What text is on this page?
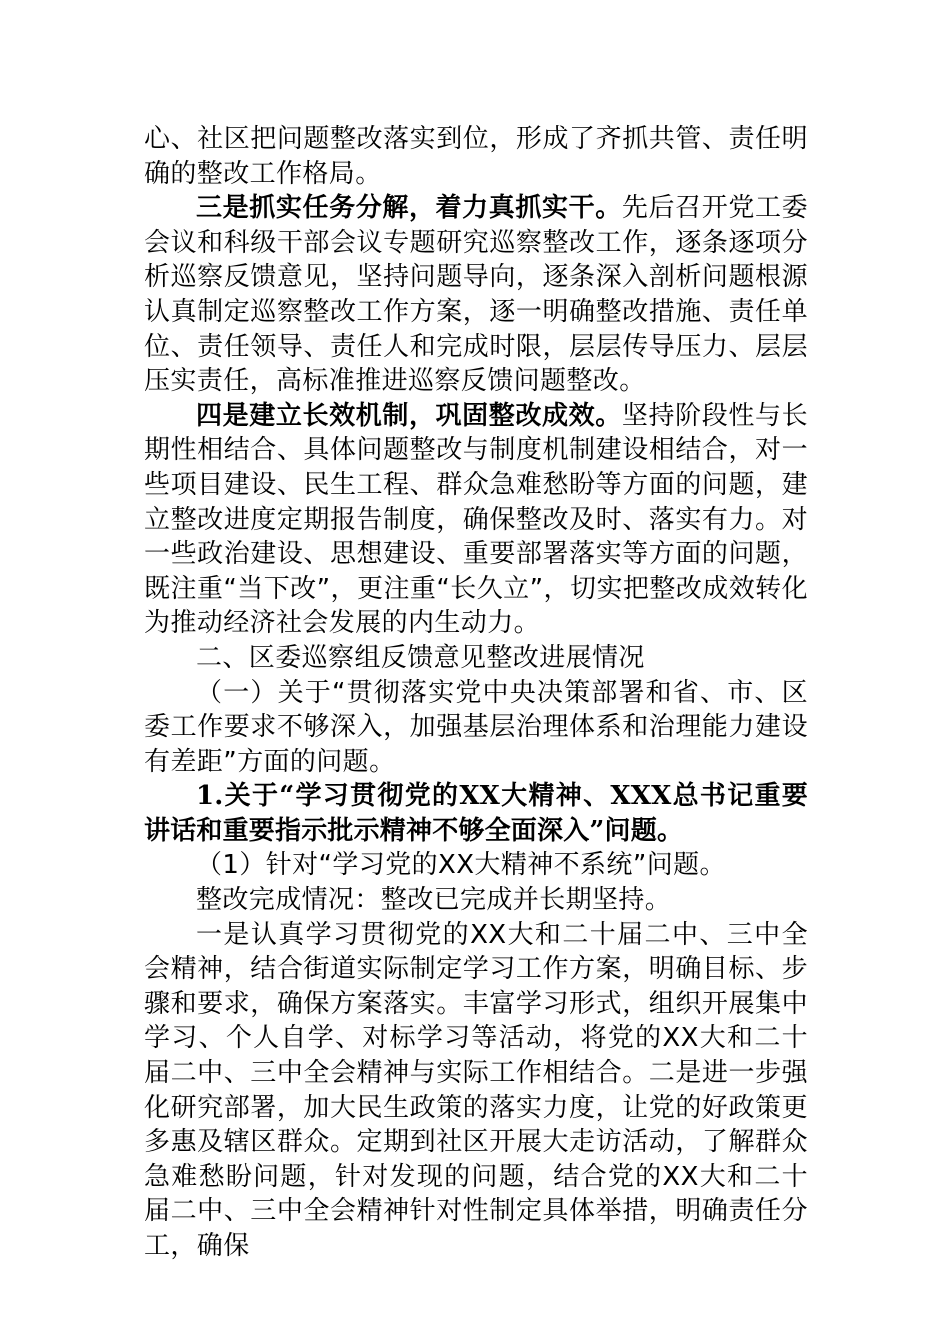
心、社区把问题整改落实到位，形成了齐抓共管、责任明确的整改工作格局。

三是抓实任务分解，着力真抓实干。先后召开党工委会议和科级干部会议专题研究巡察整改工作，逐条逐项分析巡察反馈意见，坚持问题导向，逐条深入剖析问题根源认真制定巡察整改工作方案，逐一明确整改措施、责任单位、责任领导、责任人和完成时限，层层传导压力、层层压实责任，高标准推进巡察反馈问题整改。

四是建立长效机制，巩固整改成效。坚持阶段性与长期性相结合、具体问题整改与制度机制建设相结合，对一些项目建设、民生工程、群众急难愁盼等方面的问题，建立整改进度定期报告制度，确保整改及时、落实有力。对一些政治建设、思想建设、重要部署落实等方面的问题，既注重“当下改”，更注重“长久立”，切实把整改成效转化为推动经济社会发展的内生动力。

二、区委巡察组反馈意见整改进展情况

（一）关于“贯彻落实党中央决策部署和省、市、区委工作要求不够深入，加强基层治理体系和治理能力建设有差距”方面的问题。

1.关于“学习贯彻党的XX大精神、XXX总书记重要讲话和重要指示批示精神不够全面深入”问题。

（1）针对“学习党的XX大精神不系统”问题。

整改完成情况：整改已完成并长期坚持。

一是认真学习贯彻党的XX大和二十届二中、三中全会精神，结合街道实际制定学习工作方案，明确目标、步骤和要求，确保方案落实。丰富学习形式，组织开展集中学习、个人自学、对标学习等活动，将党的XX大和二十届二中、三中全会精神与实际工作相结合。二是进一步强化研究部署，加大民生政策的落实力度，让党的好政策更多惠及辖区群众。定期到社区开展大走访活动，了解群众急难愁盼问题，针对发现的问题，结合党的XX大和二十届二中、三中全会精神针对性制定具体举措，明确责任分工，确保
